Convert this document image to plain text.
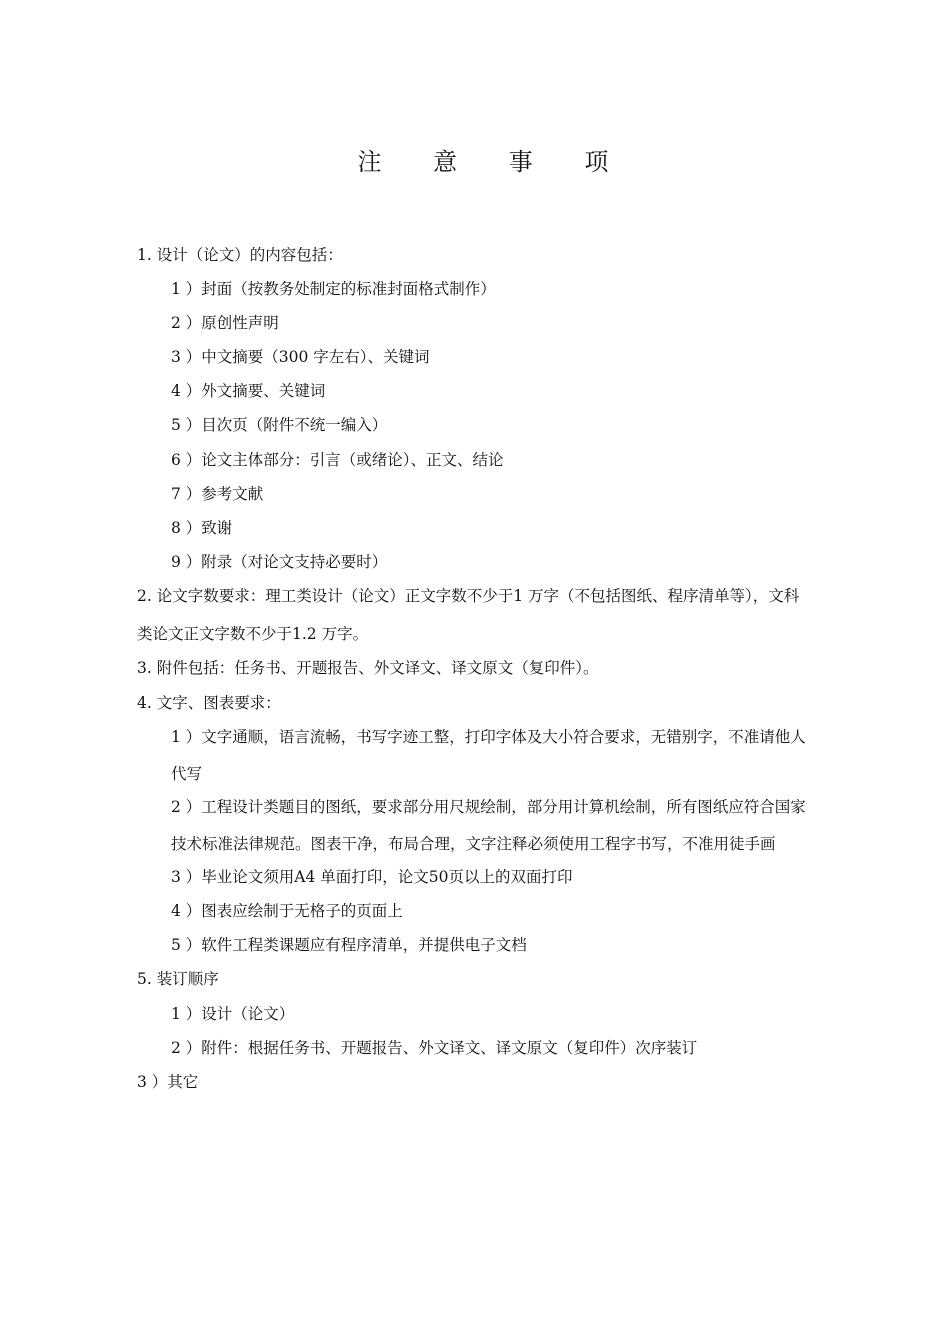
注 意 事 项
1. 设计（论文）的内容包括：
1 ）封面（按教务处制定的标准封面格式制作）
2 ）原创性声明
3 ）中文摘要（300 字左右）、关键词
4 ）外文摘要、关键词
5 ）目次页（附件不统一编入）
6 ）论文主体部分：引言（或绪论）、正文、结论
7 ）参考文献
8 ）致谢
9 ）附录（对论文支持必要时）
2. 论文字数要求：理工类设计（论文）正文字数不少于1 万字（不包括图纸、程序清单等），文科
类论文正文字数不少于1.2 万字。
3. 附件包括：任务书、开题报告、外文译文、译文原文（复印件）。
4. 文字、图表要求：
1 ）文字通顺，语言流畅，书写字迹工整，打印字体及大小符合要求，无错别字，不准请他人
代写
2 ）工程设计类题目的图纸，要求部分用尺规绘制，部分用计算机绘制，所有图纸应符合国家
技术标准法律规范。图表干净，布局合理，文字注释必须使用工程字书写，不准用徒手画
3 ）毕业论文须用A4 单面打印，论文50页以上的双面打印
4 ）图表应绘制于无格子的页面上
5 ）软件工程类课题应有程序清单，并提供电子文档
5. 装订顺序
1 ）设计（论文）
2 ）附件：根据任务书、开题报告、外文译文、译文原文（复印件）次序装订
3 ）其它
